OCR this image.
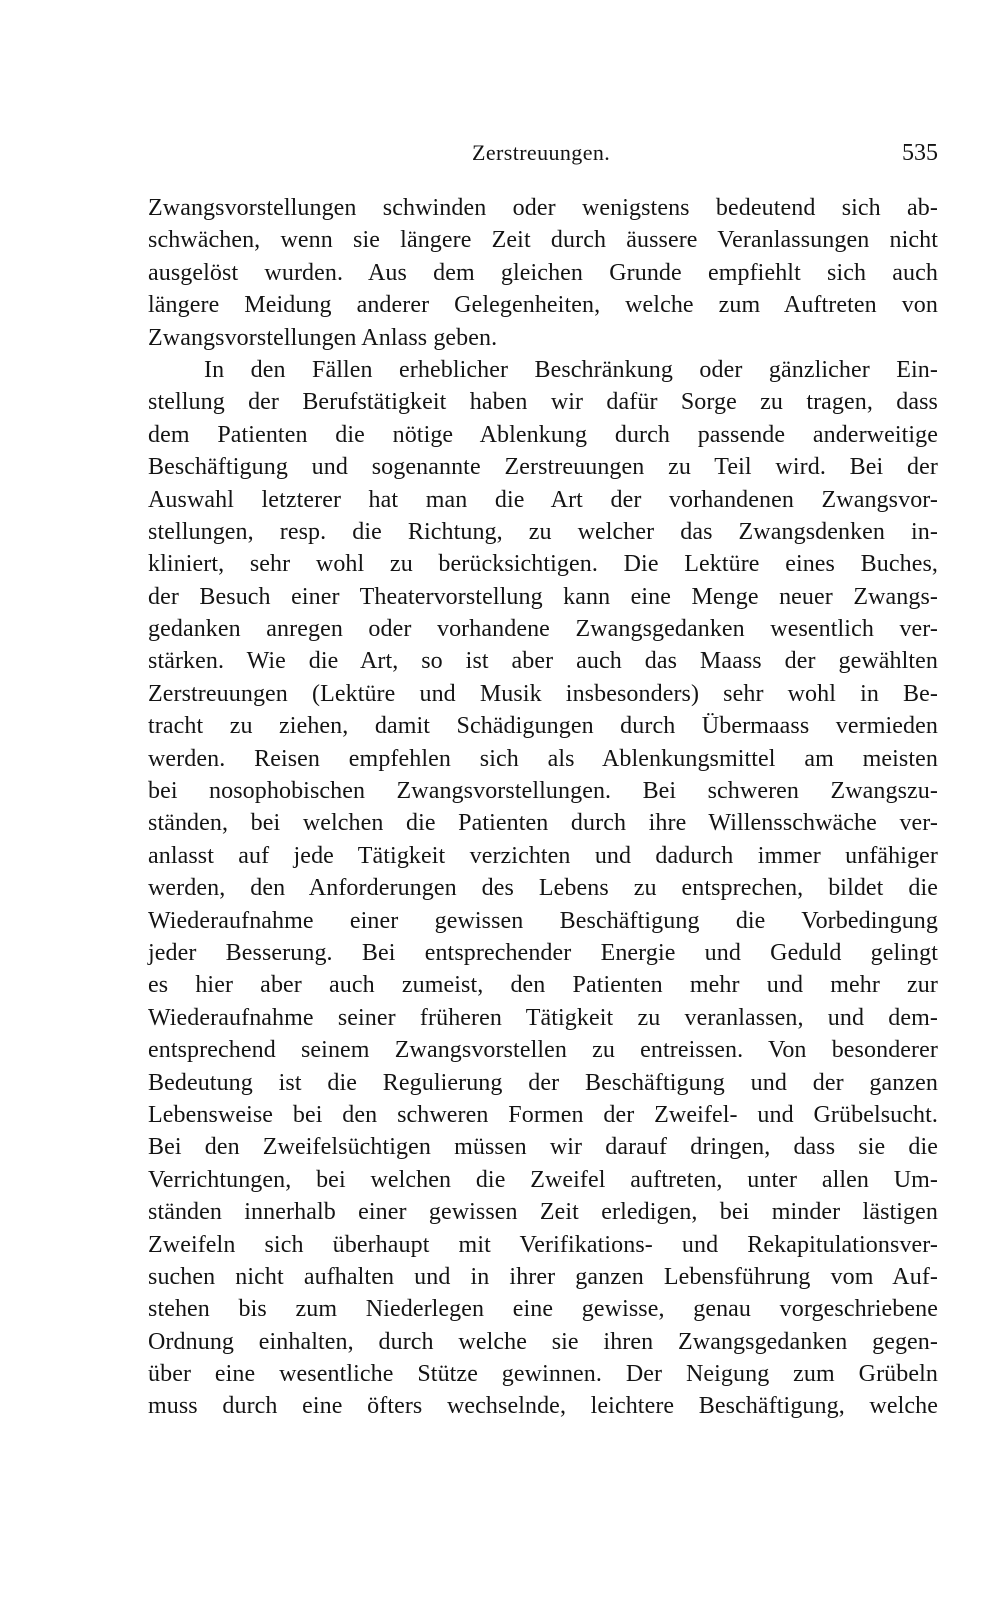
Zerstreuungen.	535
Zwangsvorstellungen schwinden oder wenigstens bedeutend sich ab-
schwächen, wenn sie längere Zeit durch äussere Veranlassungen nicht
ausgelöst wurden. Aus dem gleichen Grunde empfiehlt sich auch
längere Meidung anderer Gelegenheiten, welche zum Auftreten von
Zwangsvorstellungen Anlass geben.
In den Fällen erheblicher Beschränkung oder gänzlicher Ein-
stellung der Berufstätigkeit haben wir dafür Sorge zu tragen, dass
dem Patienten die nötige Ablenkung durch passende anderweitige
Beschäftigung und sogenannte Zerstreuungen zu Teil wird. Bei der
Auswahl letzterer hat man die Art der vorhandenen Zwangsvor-
stellungen, resp. die Richtung, zu welcher das Zwangsdenken in-
kliniert, sehr wohl zu berücksichtigen. Die Lektüre eines Buches,
der Besuch einer Theatervorstellung kann eine Menge neuer Zwangs-
gedanken anregen oder vorhandene Zwangsgedanken wesentlich ver-
stärken. Wie die Art, so ist aber auch das Maass der gewählten
Zerstreuungen (Lektüre und Musik insbesonders) sehr wohl in Be-
tracht zu ziehen, damit Schädigungen durch Übermaass vermieden
werden. Reisen empfehlen sich als Ablenkungsmittel am meisten
bei nosophobischen Zwangsvorstellungen. Bei schweren Zwangszu-
ständen, bei welchen die Patienten durch ihre Willensschwäche ver-
anlasst auf jede Tätigkeit verzichten und dadurch immer unfähiger
werden, den Anforderungen des Lebens zu entsprechen, bildet die
Wiederaufnahme einer gewissen Beschäftigung die Vorbedingung
jeder Besserung. Bei entsprechender Energie und Geduld gelingt
es hier aber auch zumeist, den Patienten mehr und mehr zur
Wiederaufnahme seiner früheren Tätigkeit zu veranlassen, und dem-
entsprechend seinem Zwangsvorstellen zu entreissen. Von besonderer
Bedeutung ist die Regulierung der Beschäftigung und der ganzen
Lebensweise bei den schweren Formen der Zweifel- und Grübelsucht.
Bei den Zweifelsüchtigen müssen wir darauf dringen, dass sie die
Verrichtungen, bei welchen die Zweifel auftreten, unter allen Um-
ständen innerhalb einer gewissen Zeit erledigen, bei minder lästigen
Zweifeln sich überhaupt mit Verifikations- und Rekapitulationsver-
suchen nicht aufhalten und in ihrer ganzen Lebensführung vom Auf-
stehen bis zum Niederlegen eine gewisse, genau vorgeschriebene
Ordnung einhalten, durch welche sie ihren Zwangsgedanken gegen-
über eine wesentliche Stütze gewinnen. Der Neigung zum Grübeln
muss durch eine öfters wechselnde, leichtere Beschäftigung, welche
